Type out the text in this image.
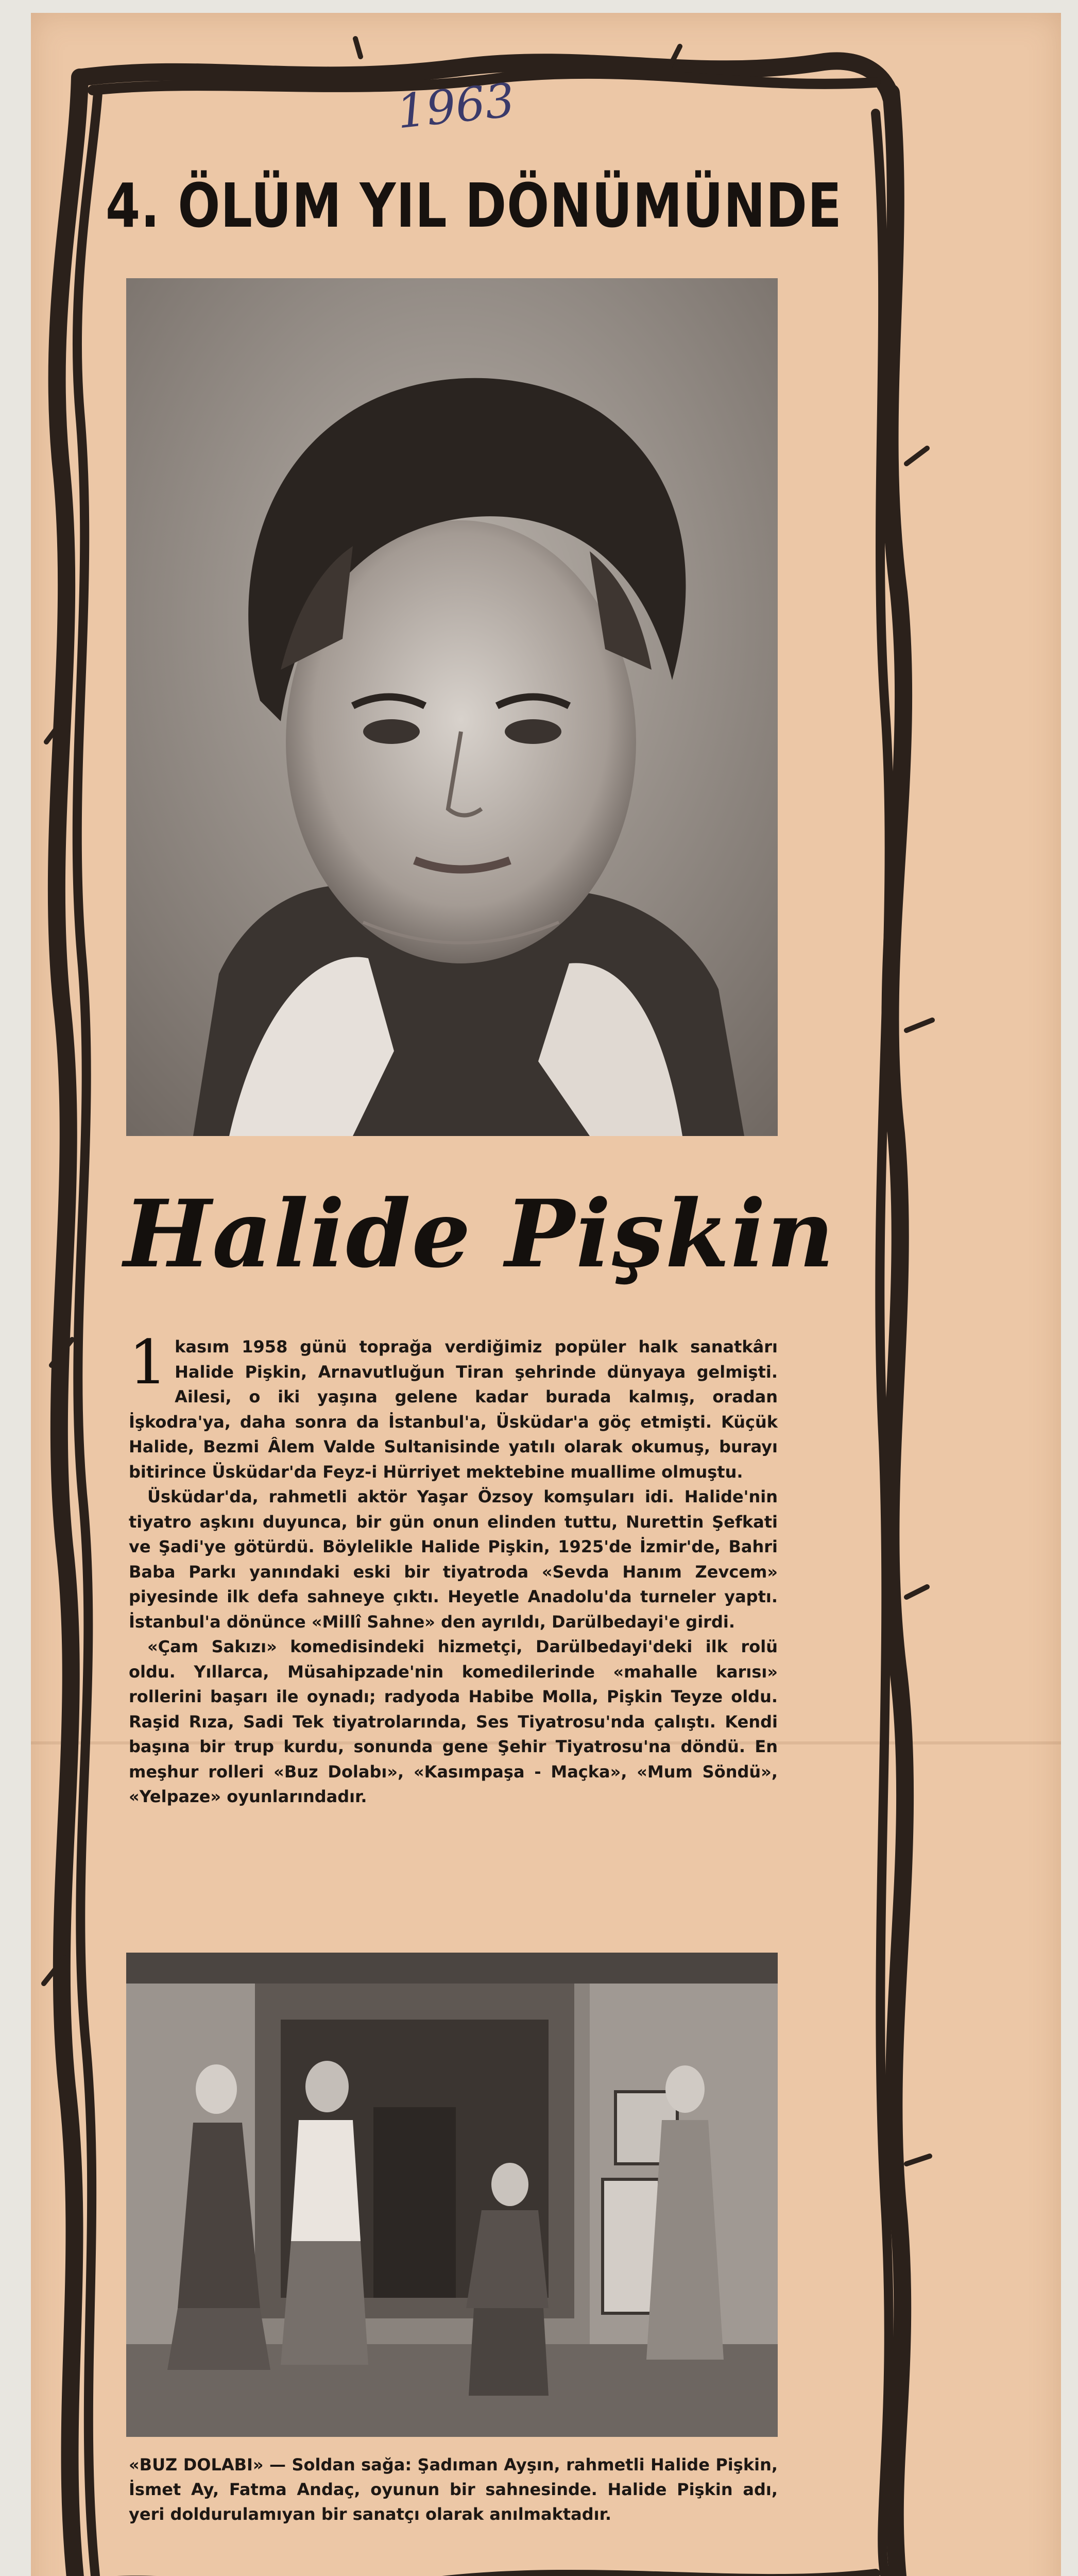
1963
4. ÖLÜM YIL DÖNÜMÜNDE
Halide Pişkin

1 kasım 1958 günü toprağa verdiğimiz popüler halk sanatkârı Halide Pişkin, Arnavutluğun Tiran şehrinde dünyaya gelmişti. Ailesi, o iki yaşına gelene kadar burada kalmış, oradan İşkodra'ya, daha sonra da İstanbul'a, Üsküdar'a göç etmişti. Küçük Halide, Bezmi Âlem Valde Sultanisinde yatılı olarak okumuş, burayı bitirince Üsküdar'da Feyz-i Hürriyet mektebine muallime olmuştu.

Üsküdar'da, rahmetli aktör Yaşar Özsoy komşuları idi. Halide'nin tiyatro aşkını duyunca, bir gün onun elinden tuttu, Nurettin Şefkati ve Şadi'ye götürdü. Böylelikle Halide Pişkin, 1925'de İzmir'de, Bahri Baba Parkı yanındaki eski bir tiyatroda «Sevda Hanım Zevcem» piyesinde ilk defa sahneye çıktı. Heyetle Anadolu'da turneler yaptı. İstanbul'a dönünce «Millî Sahne» den ayrıldı, Darülbedayi'e girdi.

«Çam Sakızı» komedisindeki hizmetçi, Darülbedayi'deki ilk rolü oldu. Yıllarca, Müsahipzade'nin komedilerinde «mahalle karısı» rollerini başarı ile oynadı; radyoda Habibe Molla, Pişkin Teyze oldu. Raşid Rıza, Sadi Tek tiyatrolarında, Ses Tiyatrosu'nda çalıştı. Kendi başına bir trup kurdu, sonunda gene Şehir Tiyatrosu'na döndü. En meşhur rolleri «Buz Dolabı», «Kasımpaşa - Maçka», «Mum Söndü», «Yelpaze» oyunlarındadır.

«BUZ DOLABI» — Soldan sağa: Şadıman Ayşın, rahmetli Halide Pişkin, İsmet Ay, Fatma Andaç, oyunun bir sahnesinde. Halide Pişkin adı, yeri doldurulamıyan bir sanatçı olarak anılmaktadır.
